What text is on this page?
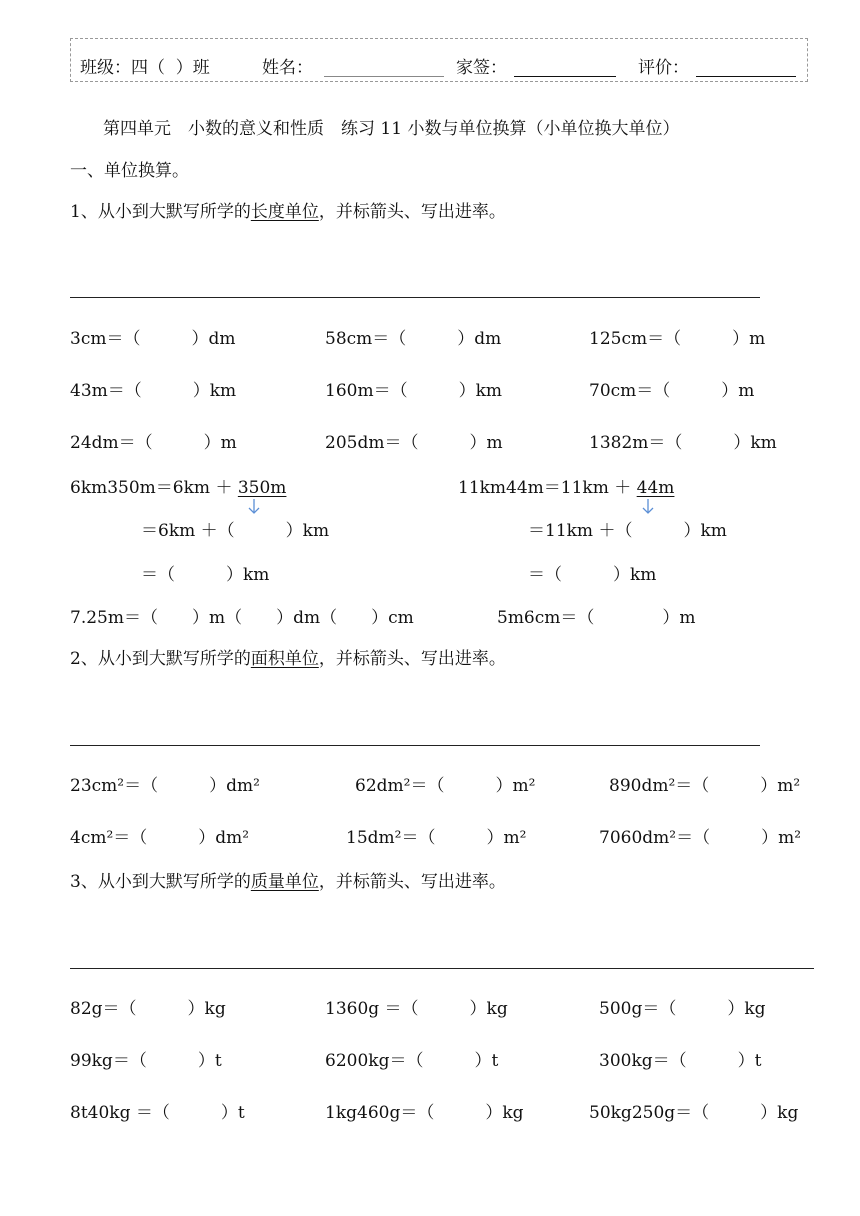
班级：四（  ）班	姓名：	家签：	评价：
第四单元　小数的意义和性质　练习 11 小数与单位换算（小单位换大单位）
一、单位换算。
1、从小到大默写所学的长度单位，并标箭头、写出进率。
3cm＝（　　　）dm	58cm＝（　　　）dm	125cm＝（　　　）m
43m＝（　　　）km	160m＝（　　　）km	70cm＝（　　　）m
24dm＝（　　　）m	205dm＝（　　　）m	1382m＝（　　　）km
6km350m＝6km ＋ 350m
＝6km ＋（　　　）km
＝（　　　）km
11km44m＝11km ＋ 44m
＝11km ＋（　　　）km
＝（　　　）km
7.25m＝（　　）m（　　）dm（　　）cm	5m6cm＝（　　　　）m
2、从小到大默写所学的面积单位，并标箭头、写出进率。
23cm²＝（　　　）dm²	62dm²＝（　　　）m²	890dm²＝（　　　）m²
4cm²＝（　　　）dm²	15dm²＝（　　　）m²	7060dm²＝（　　　）m²
3、从小到大默写所学的质量单位，并标箭头、写出进率。
82g＝（　　　）kg	1360g ＝（　　　）kg	500g＝（　　　）kg
99kg＝（　　　）t	6200kg＝（　　　）t	300kg＝（　　　）t
8t40kg ＝（　　　）t	1kg460g＝（　　　）kg	50kg250g＝（　　　）kg
